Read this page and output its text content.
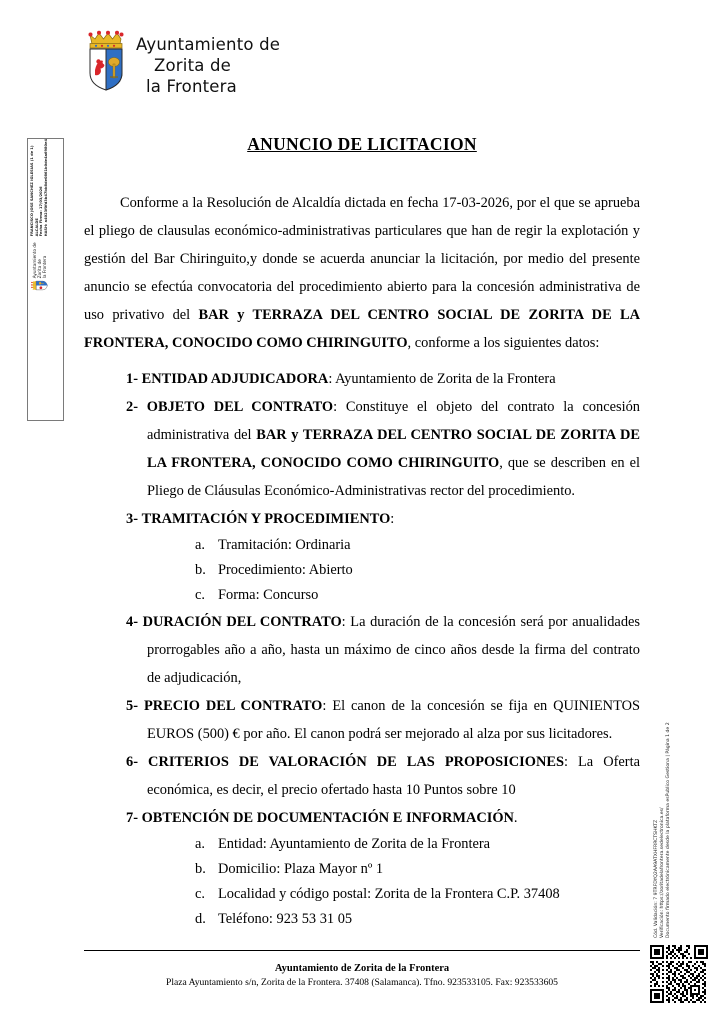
Ayuntamiento de
Zorita de
la Frontera
Ayuntamiento de Zorita de la Frontera
FRANCISCO JOSE SANCHEZ IGLESIAS (1 de 1) ALCALDE Fecha Firma: 17/03/2026 HASH: a4023f0fd3b47bb8de0861b0de4a6980e4
Cód. Validación: 7 9TRFDYQ2AA9ATXHFRRCTSHKTZ Verificación: https://zoritadelafrontera.sedelectronica.es/ Documento firmado electrónicamente desde la plataforma esPublico Gestiona | Página 1 de 2
ANUNCIO DE LICITACION

Conforme a la Resolución de Alcaldía dictada en fecha 17-03-2026, por el que se aprueba el pliego de clausulas económico-administrativas particulares que han de regir la explotación y gestión del Bar Chiringuito,y donde se acuerda anunciar la licitación, por medio del presente anuncio se efectúa convocatoria del procedimiento abierto para la concesión administrativa de uso privativo del BAR y TERRAZA DEL CENTRO SOCIAL DE ZORITA DE LA FRONTERA, CONOCIDO COMO CHIRINGUITO, conforme a los siguientes datos:

1- ENTIDAD ADJUDICADORA: Ayuntamiento de Zorita de la Frontera
2- OBJETO DEL CONTRATO: Constituye el objeto del contrato la concesión administrativa del BAR y TERRAZA DEL CENTRO SOCIAL DE ZORITA DE LA FRONTERA, CONOCIDO COMO CHIRINGUITO, que se describen en el Pliego de Cláusulas Económico-Administrativas rector del procedimiento.
3- TRAMITACIÓN Y PROCEDIMIENTO:
a. Tramitación: Ordinaria
b. Procedimiento: Abierto
c. Forma: Concurso
4- DURACIÓN DEL CONTRATO: La duración de la concesión será por anualidades prorrogables año a año, hasta un máximo de cinco años desde la firma del contrato de adjudicación,
5- PRECIO DEL CONTRATO: El canon de la concesión se fija en QUINIENTOS EUROS (500) € por año. El canon podrá ser mejorado al alza por sus licitadores.
6- CRITERIOS DE VALORACIÓN DE LAS PROPOSICIONES: La Oferta económica, es decir, el precio ofertado hasta 10 Puntos sobre 10
7- OBTENCIÓN DE DOCUMENTACIÓN E INFORMACIÓN.
a. Entidad: Ayuntamiento de Zorita de la Frontera
b. Domicilio: Plaza Mayor nº 1
c. Localidad y código postal: Zorita de la Frontera C.P. 37408
d. Teléfono: 923 53 31 05
Ayuntamiento de Zorita de la Frontera
Plaza Ayuntamiento s/n, Zorita de la Frontera. 37408 (Salamanca). Tfno. 923533105. Fax: 923533605
